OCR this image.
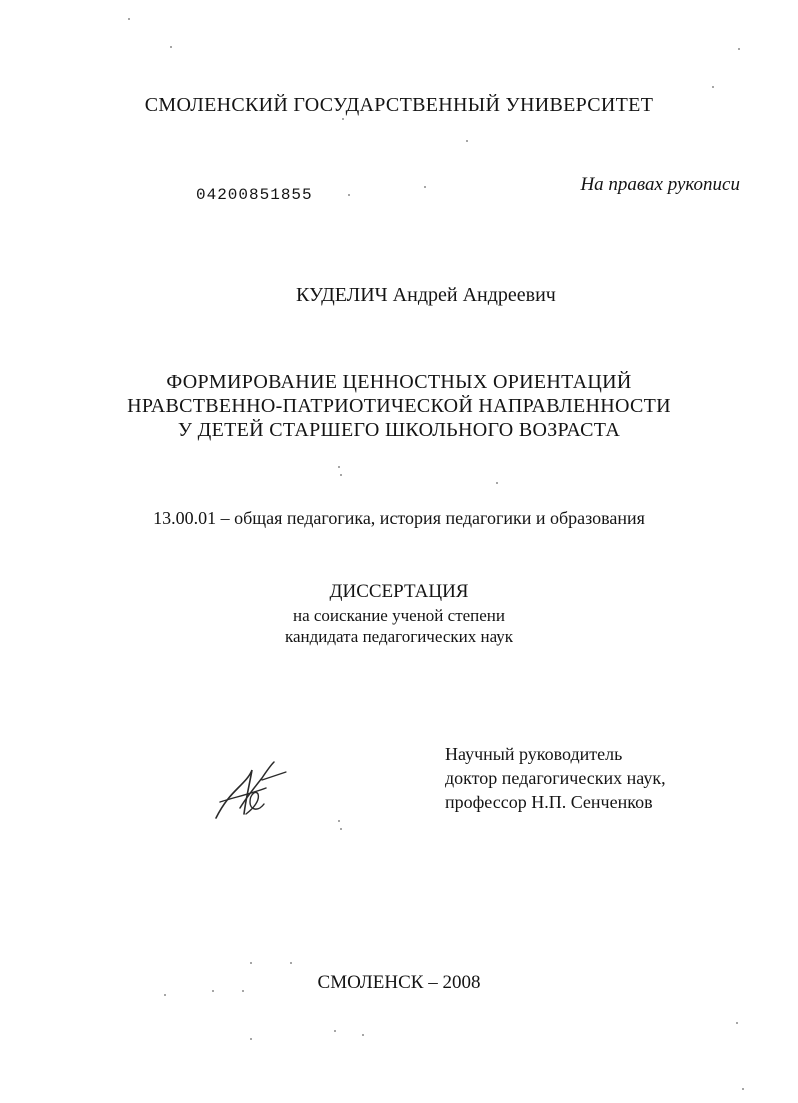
СМОЛЕНСКИЙ ГОСУДАРСТВЕННЫЙ УНИВЕРСИТЕТ
04200851855	На правах рукописи
КУДЕЛИЧ Андрей Андреевич
ФОРМИРОВАНИЕ ЦЕННОСТНЫХ ОРИЕНТАЦИЙ
НРАВСТВЕННО-ПАТРИОТИЧЕСКОЙ НАПРАВЛЕННОСТИ
У ДЕТЕЙ СТАРШЕГО ШКОЛЬНОГО ВОЗРАСТА
13.00.01 – общая педагогика, история педагогики и образования
ДИССЕРТАЦИЯ
на соискание ученой степени
кандидата педагогических наук
Научный руководитель
доктор педагогических наук,
профессор Н.П. Сенченков
СМОЛЕНСК – 2008
